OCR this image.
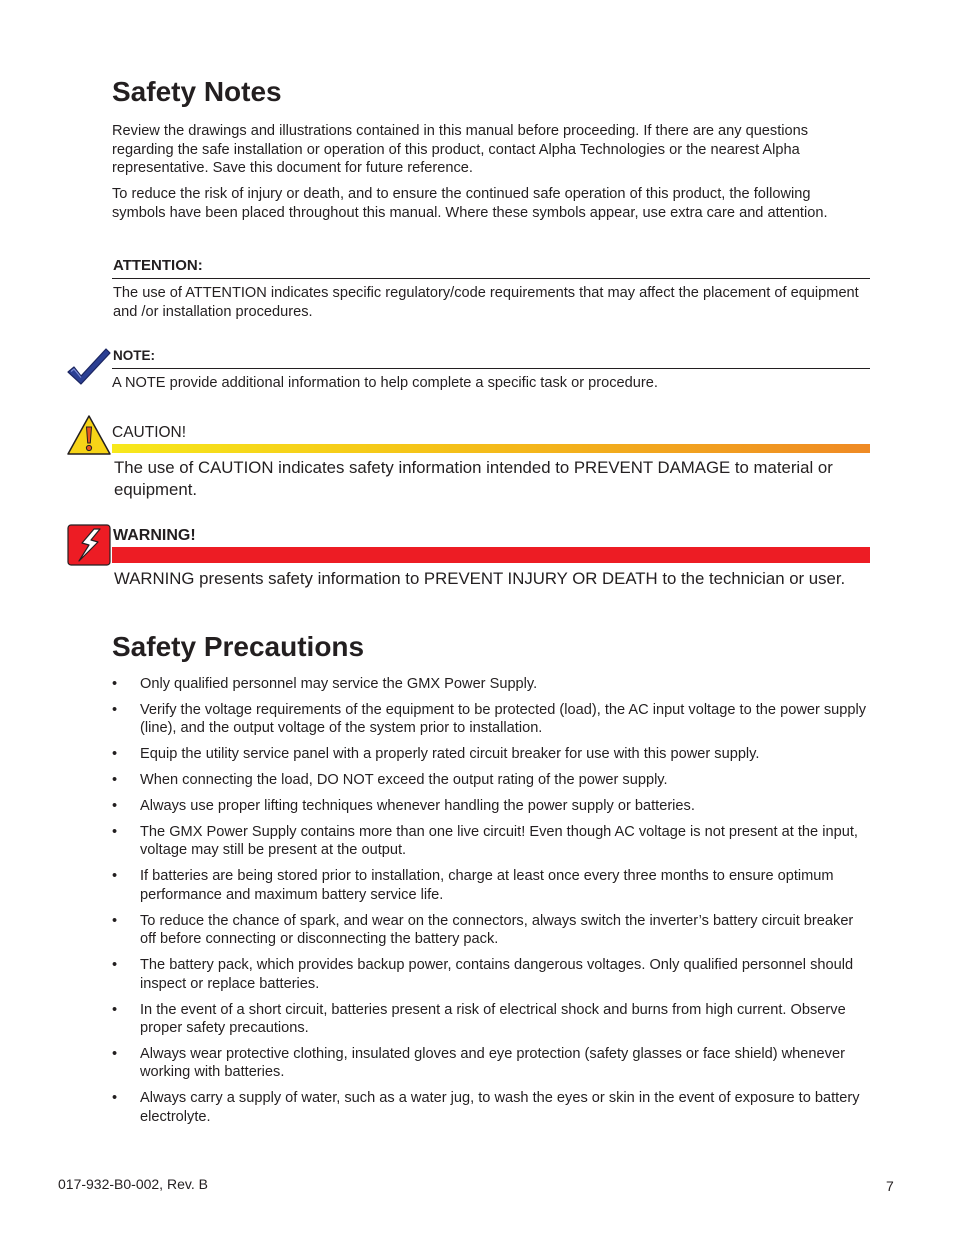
Safety Notes

Review the drawings and illustrations contained in this manual before proceeding. If there are any questions regarding the safe installation or operation of this product, contact Alpha Technologies or the nearest Alpha representative. Save this document for future reference.

To reduce the risk of injury or death, and to ensure the continued safe operation of this product, the following symbols have been placed throughout this manual. Where these symbols appear, use extra care and attention.

ATTENTION:

The use of ATTENTION indicates specific regulatory/code requirements that may affect the placement of equipment and /or installation procedures.

NOTE:

A NOTE provide additional information to help complete a specific task or procedure.

CAUTION!

The use of CAUTION indicates safety information intended to PREVENT DAMAGE to material or equipment.

WARNING!

WARNING presents safety information to PREVENT INJURY OR DEATH to the technician or user.

Safety Precautions
• Only qualified personnel may service the GMX Power Supply.
• Verify the voltage requirements of the equipment to be protected (load), the AC input voltage to the power supply (line), and the output voltage of the system prior to installation.
• Equip the utility service panel with a properly rated circuit breaker for use with this power supply.
• When connecting the load, DO NOT exceed the output rating of the power supply.
• Always use proper lifting techniques whenever handling the power supply or batteries.
• The GMX Power Supply contains more than one live circuit! Even though AC voltage is not present at the input, voltage may still be present at the output.
• If batteries are being stored prior to installation, charge at least once every three months to ensure optimum performance and maximum battery service life.
• To reduce the chance of spark, and wear on the connectors, always switch the inverter’s battery circuit breaker off before connecting or disconnecting the battery pack.
• The battery pack, which provides backup power, contains dangerous voltages. Only qualified personnel should inspect or replace batteries.
• In the event of a short circuit, batteries present a risk of electrical shock and burns from high current. Observe proper safety precautions.
• Always wear protective clothing, insulated gloves and eye protection (safety glasses or face shield) whenever working with batteries.
• Always carry a supply of water, such as a water jug, to wash the eyes or skin in the event of exposure to battery electrolyte.
017-932-B0-002, Rev. B	7
